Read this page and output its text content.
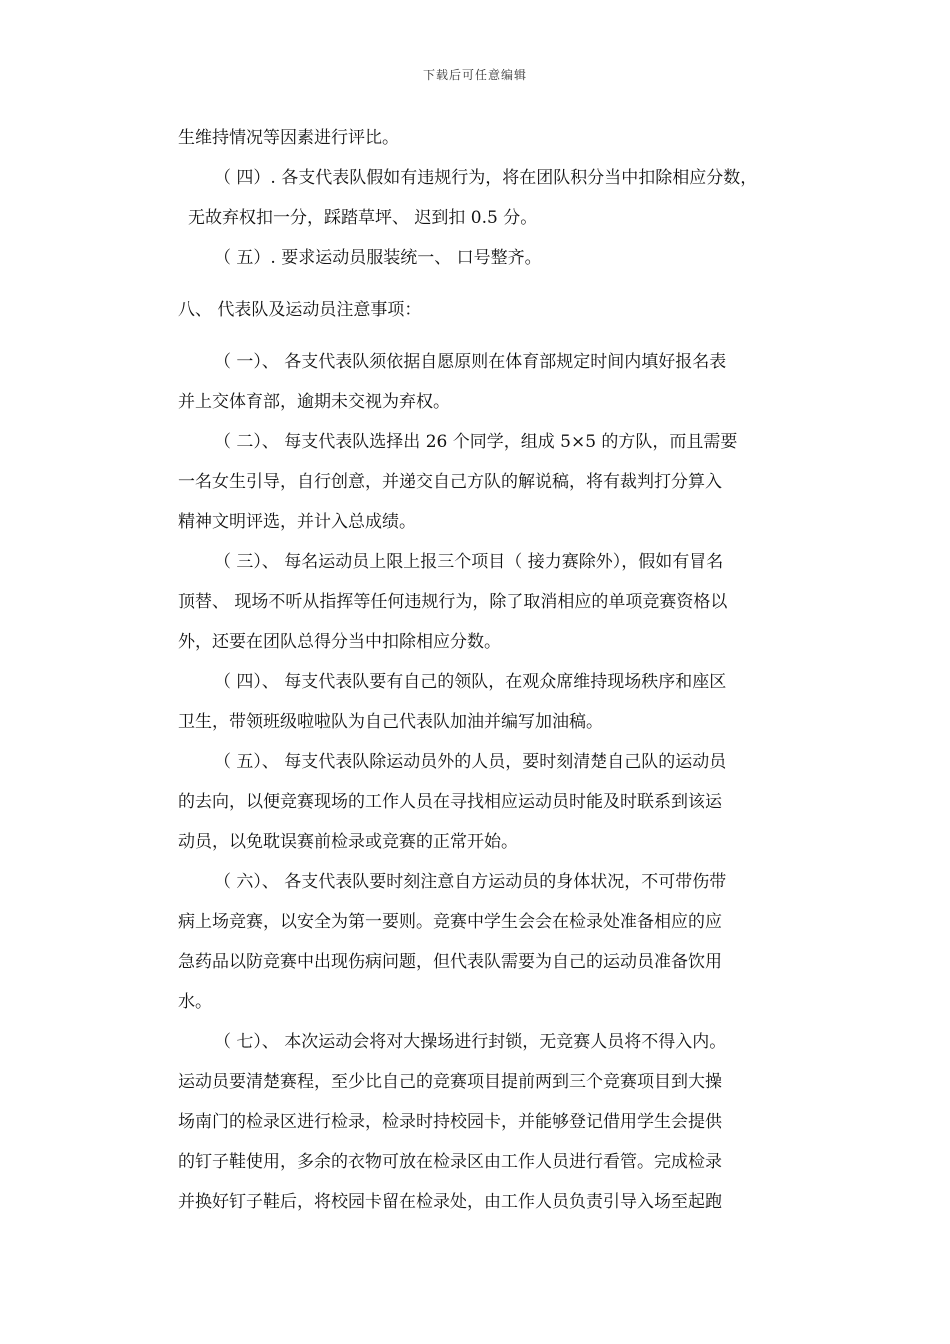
下载后可任意编辑
生维持情况等因素进行评比。
（ 四）. 各支代表队假如有违规行为，将在团队积分当中扣除相应分数，
无故弃权扣一分，踩踏草坪、 迟到扣 0.5 分。
（ 五）. 要求运动员服装统一、 口号整齐。
八、 代表队及运动员注意事项：
（ 一）、 各支代表队须依据自愿原则在体育部规定时间内填好报名表
并上交体育部，逾期未交视为弃权。
（ 二）、 每支代表队选择出 26 个同学，组成 5×5 的方队，而且需要
一名女生引导，自行创意，并递交自己方队的解说稿，将有裁判打分算入
精神文明评选，并计入总成绩。
（ 三）、 每名运动员上限上报三个项目（ 接力赛除外），假如有冒名
顶替、 现场不听从指挥等任何违规行为，除了取消相应的单项竞赛资格以
外，还要在团队总得分当中扣除相应分数。
（ 四）、 每支代表队要有自己的领队，在观众席维持现场秩序和座区
卫生，带领班级啦啦队为自己代表队加油并编写加油稿。
（ 五）、 每支代表队除运动员外的人员，要时刻清楚自己队的运动员
的去向，以便竞赛现场的工作人员在寻找相应运动员时能及时联系到该运
动员，以免耽误赛前检录或竞赛的正常开始。
（ 六）、 各支代表队要时刻注意自方运动员的身体状况，不可带伤带
病上场竞赛，以安全为第一要则。竞赛中学生会会在检录处准备相应的应
急药品以防竞赛中出现伤病问题，但代表队需要为自己的运动员准备饮用
水。
（ 七）、 本次运动会将对大操场进行封锁，无竞赛人员将不得入内。
运动员要清楚赛程，至少比自己的竞赛项目提前两到三个竞赛项目到大操
场南门的检录区进行检录，检录时持校园卡，并能够登记借用学生会提供
的钉子鞋使用，多余的衣物可放在检录区由工作人员进行看管。完成检录
并换好钉子鞋后，将校园卡留在检录处，由工作人员负责引导入场至起跑
